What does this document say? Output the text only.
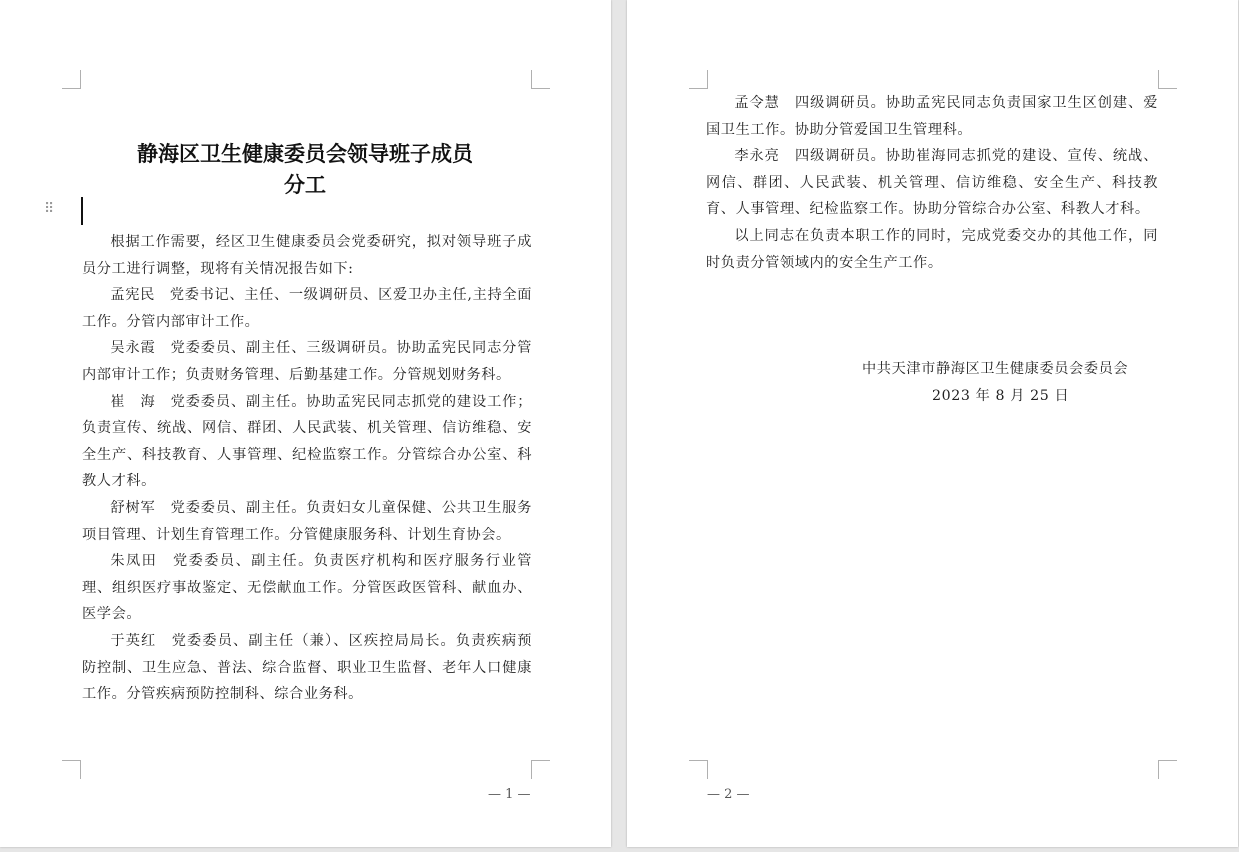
静海区卫生健康委员会领导班子成员
分工
⠿

根据工作需要，经区卫生健康委员会党委研究，拟对领导班子成员分工进行调整，现将有关情况报告如下:

孟宪民　党委书记、主任、一级调研员、区爱卫办主任,主持全面工作。分管内部审计工作。

吴永霞　党委委员、副主任、三级调研员。协助孟宪民同志分管内部审计工作；负责财务管理、后勤基建工作。分管规划财务科。

崔　海　党委委员、副主任。协助孟宪民同志抓党的建设工作；负责宣传、统战、网信、群团、人民武装、机关管理、信访维稳、安全生产、科技教育、人事管理、纪检监察工作。分管综合办公室、科教人才科。

舒树军　党委委员、副主任。负责妇女儿童保健、公共卫生服务项目管理、计划生育管理工作。分管健康服务科、计划生育协会。

朱凤田　党委委员、副主任。负责医疗机构和医疗服务行业管理、组织医疗事故鉴定、无偿献血工作。分管医政医管科、献血办、医学会。

于英红　党委委员、副主任（兼）、区疾控局局长。负责疾病预防控制、卫生应急、普法、综合监督、职业卫生监督、老年人口健康工作。分管疾病预防控制科、综合业务科。

— 1 —

孟令慧　四级调研员。协助孟宪民同志负责国家卫生区创建、爱国卫生工作。协助分管爱国卫生管理科。

李永亮　四级调研员。协助崔海同志抓党的建设、宣传、统战、网信、群团、人民武装、机关管理、信访维稳、安全生产、科技教育、人事管理、纪检监察工作。协助分管综合办公室、科教人才科。

以上同志在负责本职工作的同时，完成党委交办的其他工作，同时负责分管领域内的安全生产工作。

中共天津市静海区卫生健康委员会委员会
2023 年 8 月 25 日
— 2 —
